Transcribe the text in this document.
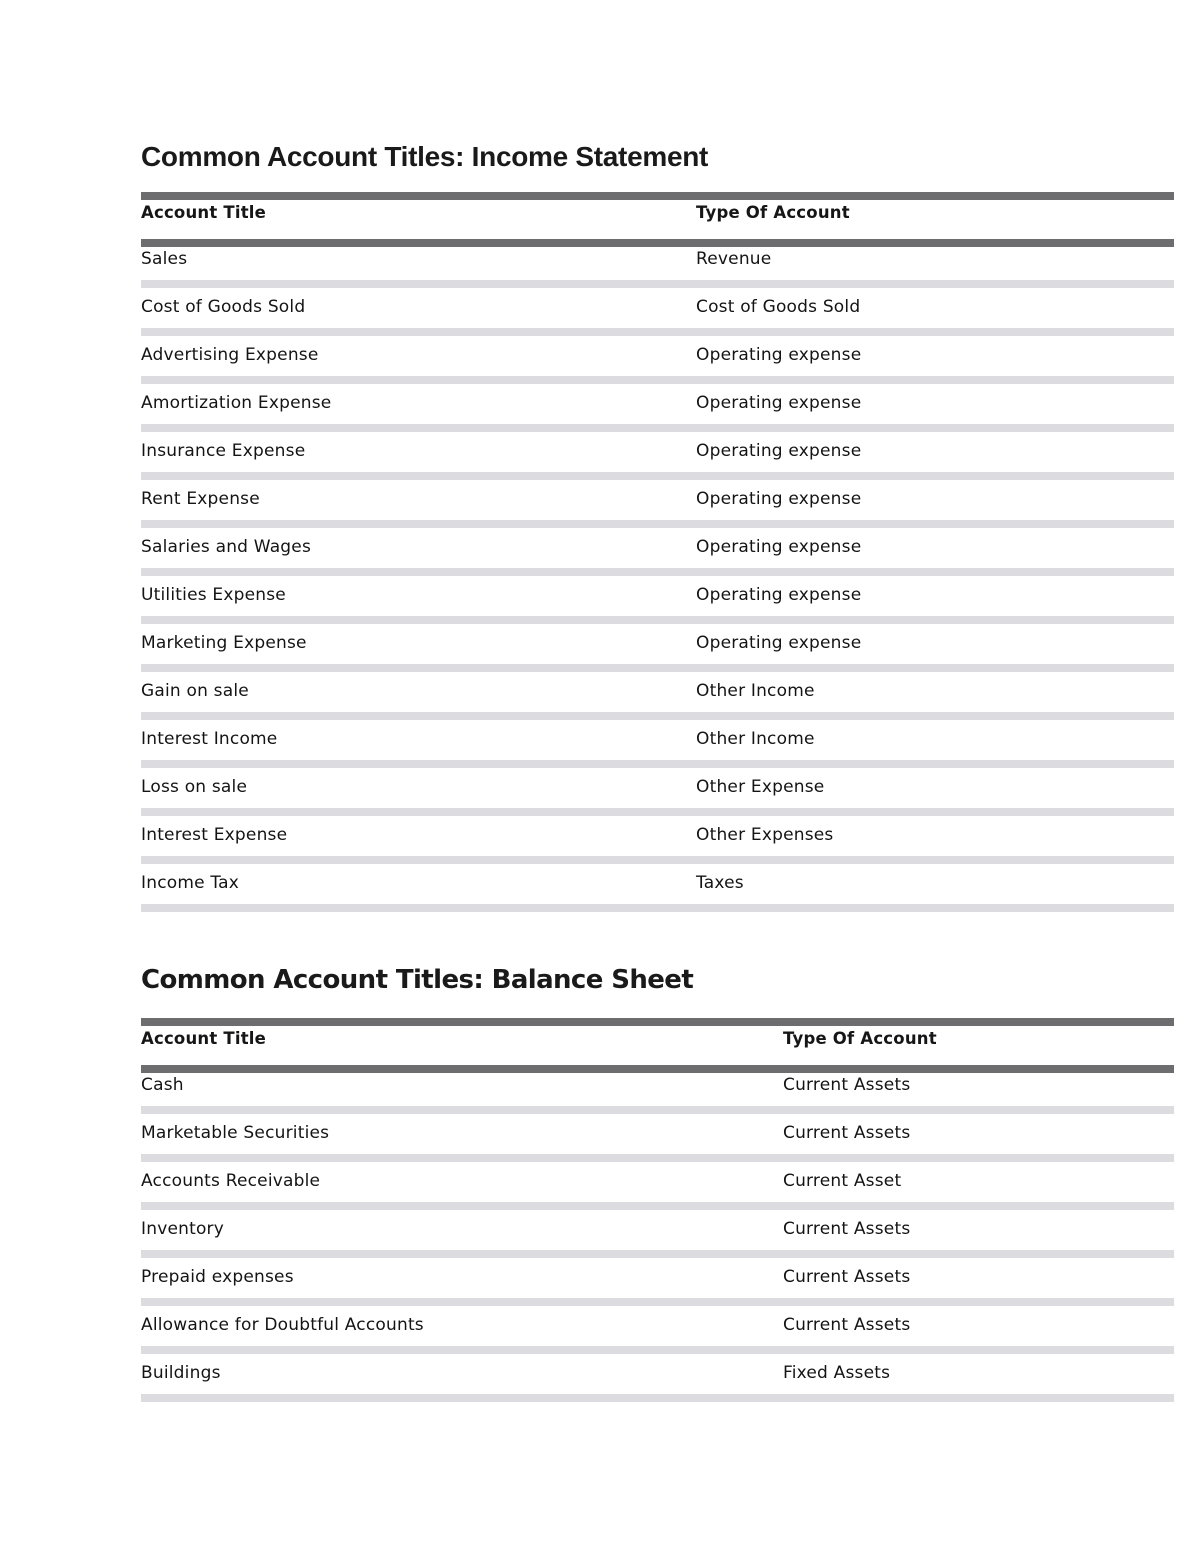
Common Account Titles: Income Statement
Account Title	Type Of Account
Sales	Revenue
Cost of Goods Sold	Cost of Goods Sold
Advertising Expense	Operating expense
Amortization Expense	Operating expense
Insurance Expense	Operating expense
Rent Expense	Operating expense
Salaries and Wages	Operating expense
Utilities Expense	Operating expense
Marketing Expense	Operating expense
Gain on sale	Other Income
Interest Income	Other Income
Loss on sale	Other Expense
Interest Expense	Other Expenses
Income Tax	Taxes
Common Account Titles: Balance Sheet
Account Title	Type Of Account
Cash	Current Assets
Marketable Securities	Current Assets
Accounts Receivable	Current Asset
Inventory	Current Assets
Prepaid expenses	Current Assets
Allowance for Doubtful Accounts	Current Assets
Buildings	Fixed Assets
